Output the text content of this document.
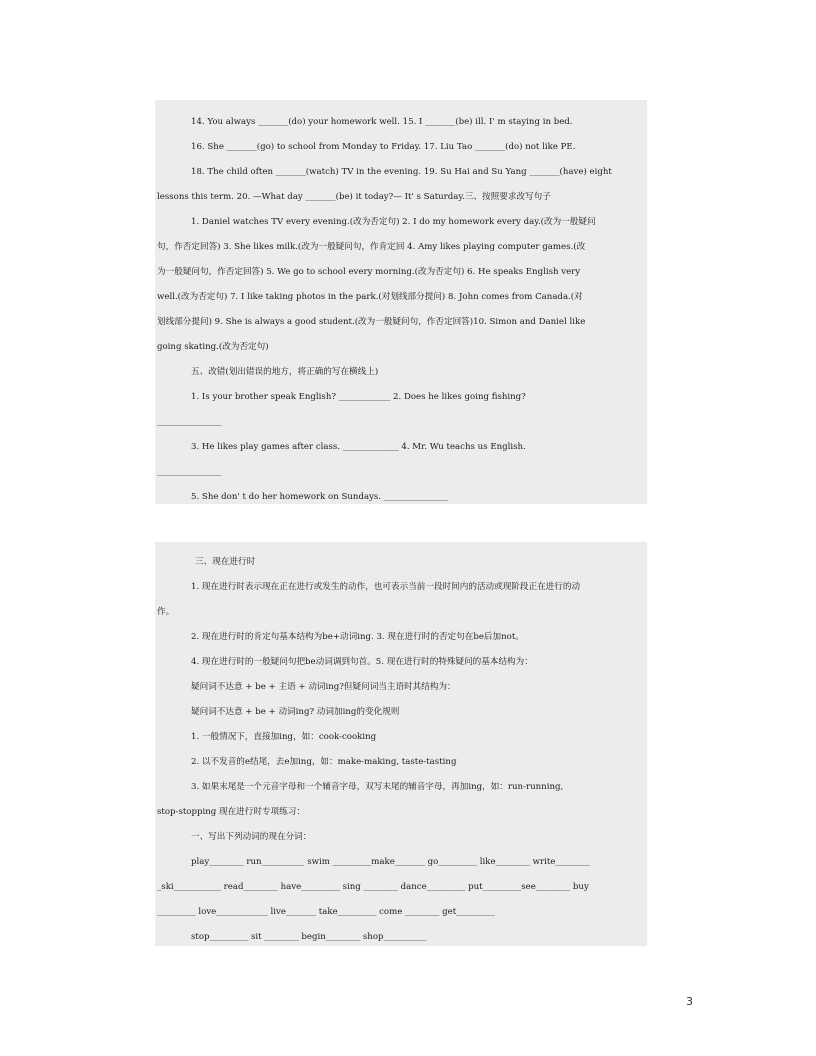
14. You always _______(do) your homework well. 15. I _______(be) ill. I' m staying in bed.
16. She _______(go) to school from Monday to Friday. 17. Liu Tao _______(do) not like PE.
18. The child often _______(watch) TV in the evening. 19. Su Hai and Su Yang _______(have) eight
lessons this term. 20. —What day _______(be) it today?— It' s Saturday.三、按照要求改写句子
1. Daniel watches TV every evening.(改为否定句) 2. I do my homework every day.(改为一般疑问
句，作否定回答) 3. She likes milk.(改为一般疑问句，作肯定回 4. Amy likes playing computer games.(改
为一般疑问句，作否定回答) 5. We go to school every morning.(改为否定句) 6. He speaks English very
well.(改为否定句) 7. I like taking photos in the park.(对划线部分提问) 8. John comes from Canada.(对
划线部分提问) 9. She is always a good student.(改为一般疑问句，作否定回答)10. Simon and Daniel like
going skating.(改为否定句)
五、改错(划出错误的地方，将正确的写在横线上)
1. Is your brother speak English? ____________ 2. Does he likes going fishing?
_______________
3. He likes play games after class. _____________ 4. Mr. Wu teachs us English.
_______________
5. She don' t do her homework on Sundays. _______________
三、现在进行时
1. 现在进行时表示现在正在进行或发生的动作，也可表示当前一段时间内的活动或现阶段正在进行的动
作。
2. 现在进行时的肯定句基本结构为be+动词ing. 3. 现在进行时的否定句在be后加not。
4. 现在进行时的一般疑问句把be动词调到句首。5. 现在进行时的特殊疑问的基本结构为：
疑问词不达意 + be + 主语 + 动词ing?但疑问词当主语时其结构为：
疑问词不达意 + be + 动词ing? 动词加ing的变化规则
1. 一般情况下，直接加ing，如：cook-cooking
2. 以不发音的e结尾，去e加ing，如：make-making, taste-tasting
3. 如果末尾是一个元音字母和一个辅音字母，双写末尾的辅音字母，再加ing，如：run-running,
stop-stopping 现在进行时专项练习：
一、写出下列动词的现在分词：
play________ run__________ swim _________make_______ go_________ like________ write________
_ski___________ read________ have_________ sing ________ dance_________ put_________see________ buy
_________ love____________ live_______ take_________ come ________ get_________
stop_________ sit ________ begin________ shop__________
3
